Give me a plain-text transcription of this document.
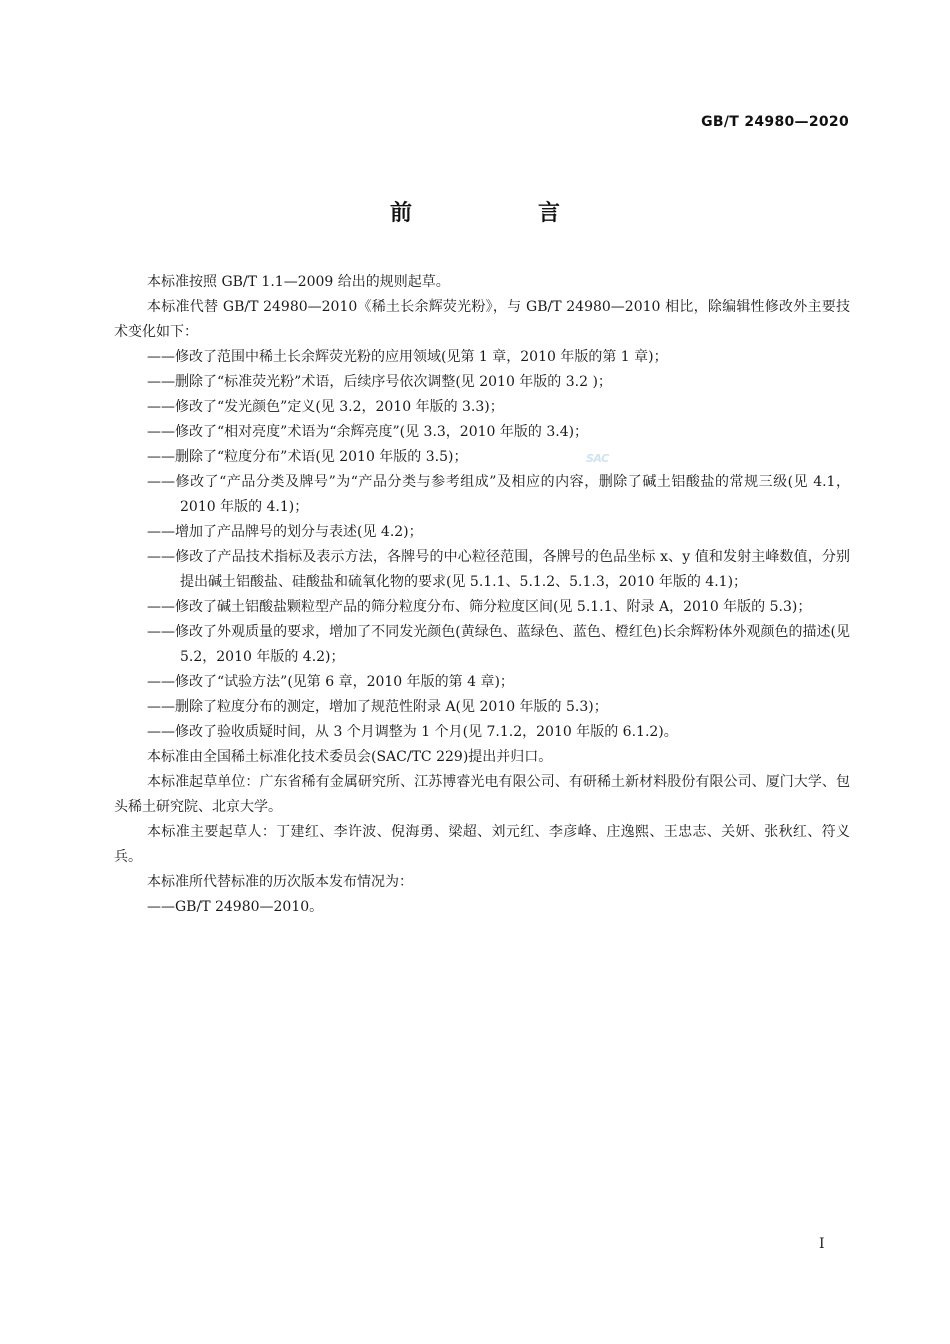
GB/T 24980—2020
前　言
SAC

本标准按照 GB/T 1.1—2009 给出的规则起草。

本标准代替 GB/T 24980—2010《稀土长余辉荧光粉》，与 GB/T 24980—2010 相比，除编辑性修改外主要技术变化如下：

——修改了范围中稀土长余辉荧光粉的应用领域(见第 1 章，2010 年版的第 1 章)；

——删除了“标准荧光粉”术语，后续序号依次调整(见 2010 年版的 3.2 )；

——修改了“发光颜色”定义(见 3.2，2010 年版的 3.3)；

——修改了“相对亮度”术语为“余辉亮度”(见 3.3，2010 年版的 3.4)；

——删除了“粒度分布”术语(见 2010 年版的 3.5)；

——修改了“产品分类及牌号”为“产品分类与参考组成”及相应的内容，删除了碱土铝酸盐的常规三级(见 4.1，2010 年版的 4.1)；

——增加了产品牌号的划分与表述(见 4.2)；

——修改了产品技术指标及表示方法，各牌号的中心粒径范围，各牌号的色品坐标 x、y 值和发射主峰数值，分别提出碱土铝酸盐、硅酸盐和硫氧化物的要求(见 5.1.1、5.1.2、5.1.3，2010 年版的 4.1)；

——修改了碱土铝酸盐颗粒型产品的筛分粒度分布、筛分粒度区间(见 5.1.1、附录 A，2010 年版的 5.3)；

——修改了外观质量的要求，增加了不同发光颜色(黄绿色、蓝绿色、蓝色、橙红色)长余辉粉体外观颜色的描述(见 5.2，2010 年版的 4.2)；

——修改了“试验方法”(见第 6 章，2010 年版的第 4 章)；

——删除了粒度分布的测定，增加了规范性附录 A(见 2010 年版的 5.3)；

——修改了验收质疑时间，从 3 个月调整为 1 个月(见 7.1.2，2010 年版的 6.1.2)。

本标准由全国稀土标准化技术委员会(SAC/TC 229)提出并归口。

本标准起草单位：广东省稀有金属研究所、江苏博睿光电有限公司、有研稀土新材料股份有限公司、厦门大学、包头稀土研究院、北京大学。

本标准主要起草人：丁建红、李许波、倪海勇、梁超、刘元红、李彦峰、庄逸熙、王忠志、关妍、张秋红、符义兵。

本标准所代替标准的历次版本发布情况为：

——GB/T 24980—2010。

I
